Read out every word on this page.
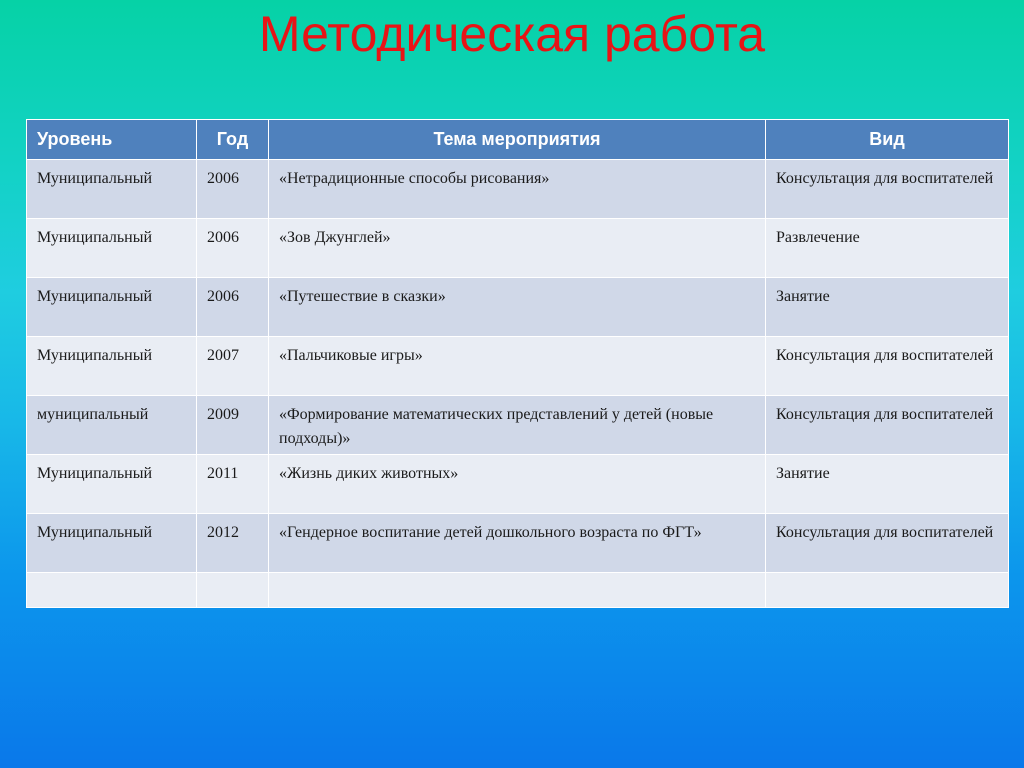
Методическая работа
Уровень	Год	Тема мероприятия	Вид
Муниципальный	2006	«Нетрадиционные способы рисования»	Консультация для воспитателей
Муниципальный	2006	«Зов Джунглей»	Развлечение
Муниципальный	2006	«Путешествие в сказки»	Занятие
Муниципальный	2007	«Пальчиковые игры»	Консультация для воспитателей
муниципальный	2009	«Формирование математических представлений у детей (новые подходы)»	Консультация для воспитателей
Муниципальный	2011	«Жизнь диких животных»	Занятие
Муниципальный	2012	«Гендерное воспитание детей дошкольного возраста по ФГТ»	Консультация для воспитателей
